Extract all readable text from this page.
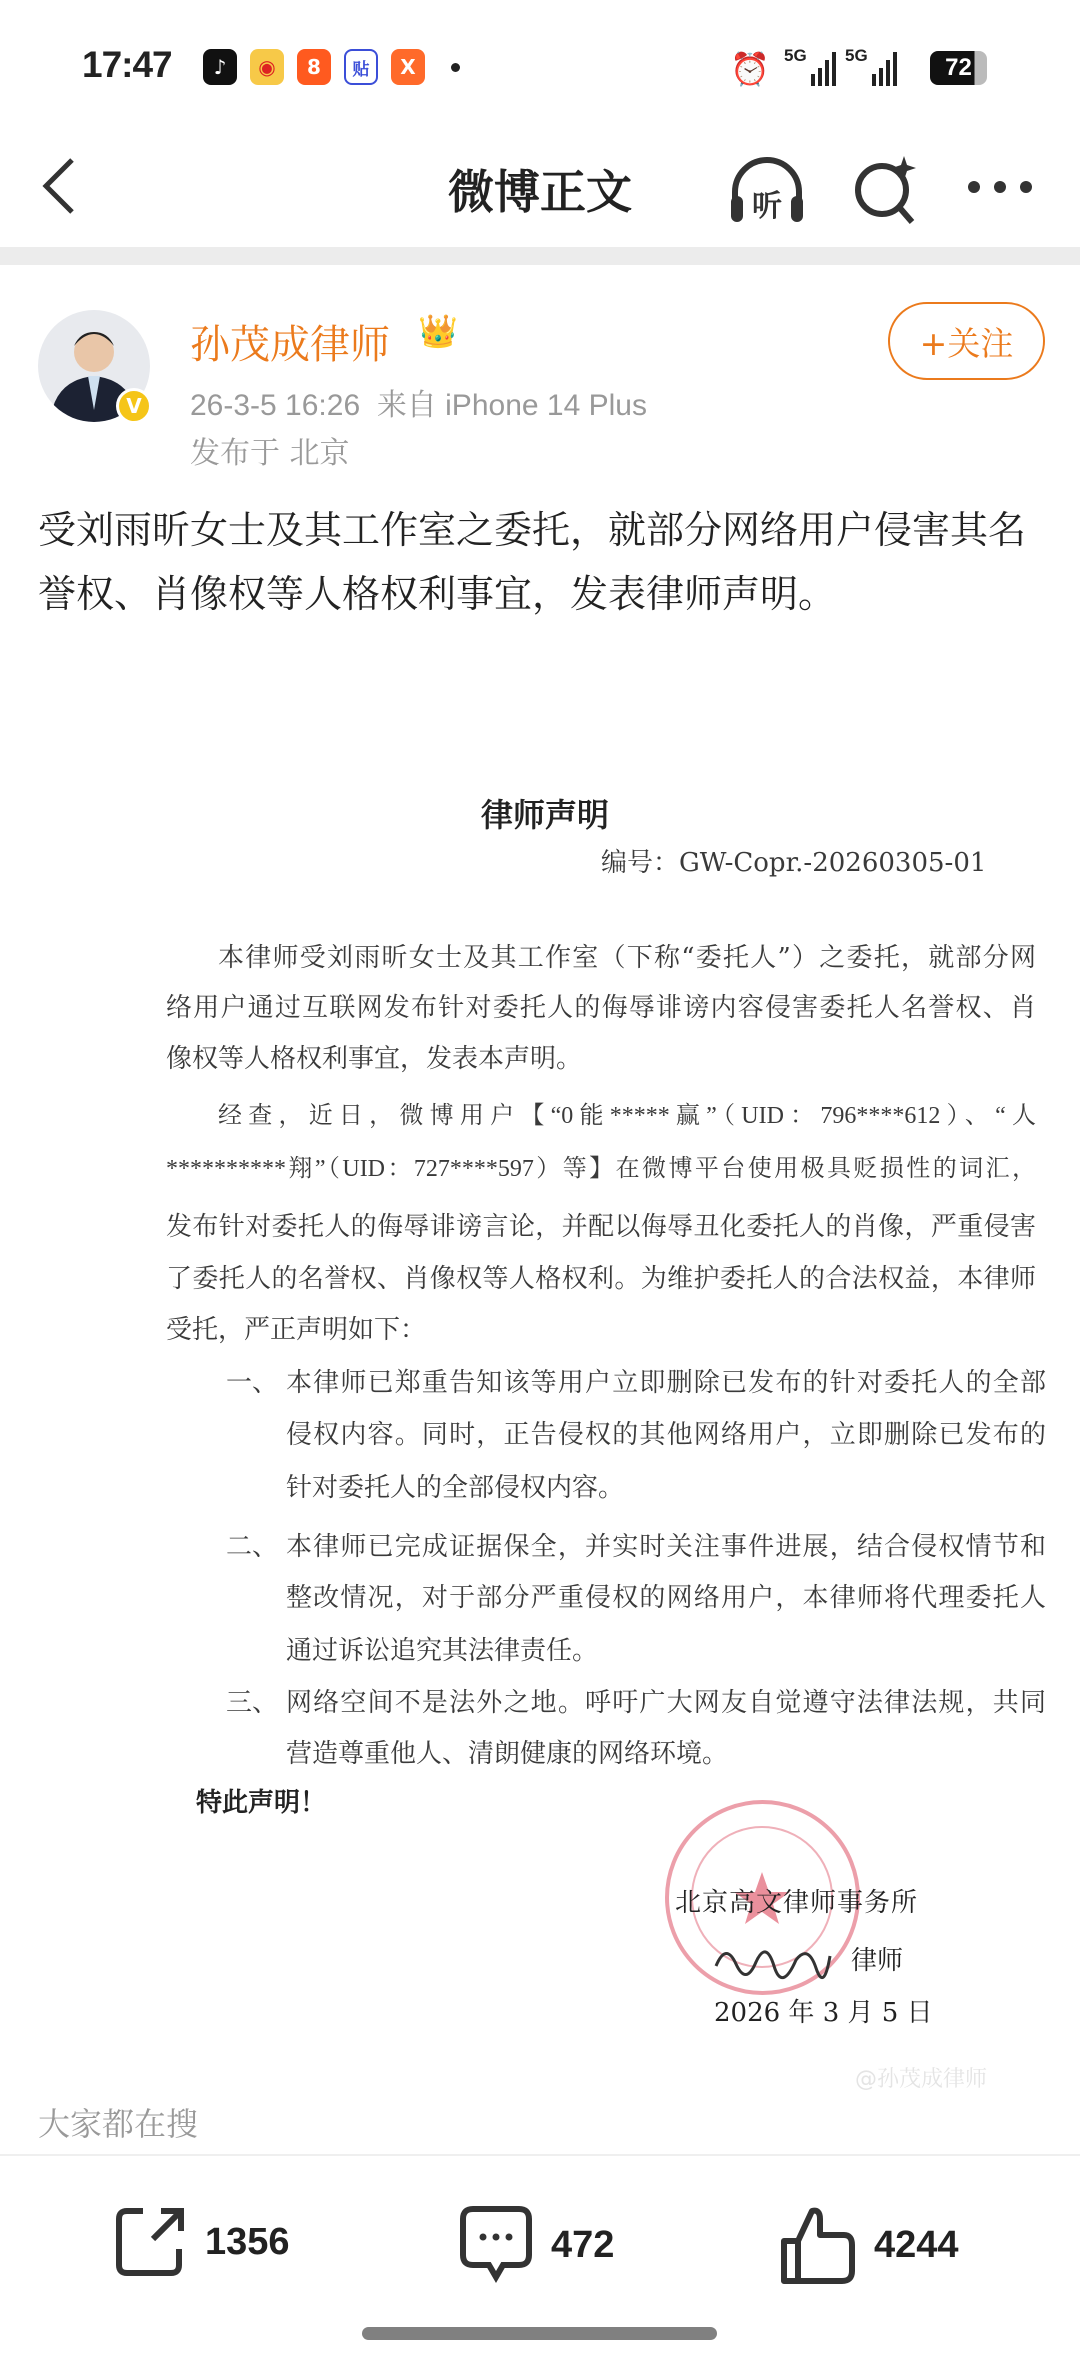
17:47	♪	◉	8	贴	X	⏰ 5G 5G	72
微博正文	听
V
孙茂成律师 👑
26-3-5 16:26 来自 iPhone 14 Plus
发布于 北京
+关注
受刘雨昕女士及其工作室之委托，就部分网络用户侵害其名誉权、肖像权等人格权利事宜，发表律师声明。
律师声明
编号：GW-Copr.-20260305-01
本律师受刘雨昕女士及其工作室（下称“委托人”）之委托，就部分网
络用户通过互联网发布针对委托人的侮辱诽谤内容侵害委托人名誉权、肖
像权等人格权利事宜，发表本声明。
经查，近日，微博用户【“0能*****赢”（UID：796****612）、“人
**********翔”（UID：727****597）等】在微博平台使用极具贬损性的词汇，
发布针对委托人的侮辱诽谤言论，并配以侮辱丑化委托人的肖像，严重侵害
了委托人的名誉权、肖像权等人格权利。为维护委托人的合法权益，本律师
受托，严正声明如下：
一、 本律师已郑重告知该等用户立即删除已发布的针对委托人的全部
侵权内容。同时，正告侵权的其他网络用户，立即删除已发布的
针对委托人的全部侵权内容。
二、 本律师已完成证据保全，并实时关注事件进展，结合侵权情节和
整改情况，对于部分严重侵权的网络用户，本律师将代理委托人
通过诉讼追究其法律责任。
三、 网络空间不是法外之地。呼吁广大网友自觉遵守法律法规，共同
营造尊重他人、清朗健康的网络环境。
特此声明！
北京高文律师事务所
律师
2026 年 3 月 5 日
@孙茂成律师
大家都在搜
1356	472	4244
